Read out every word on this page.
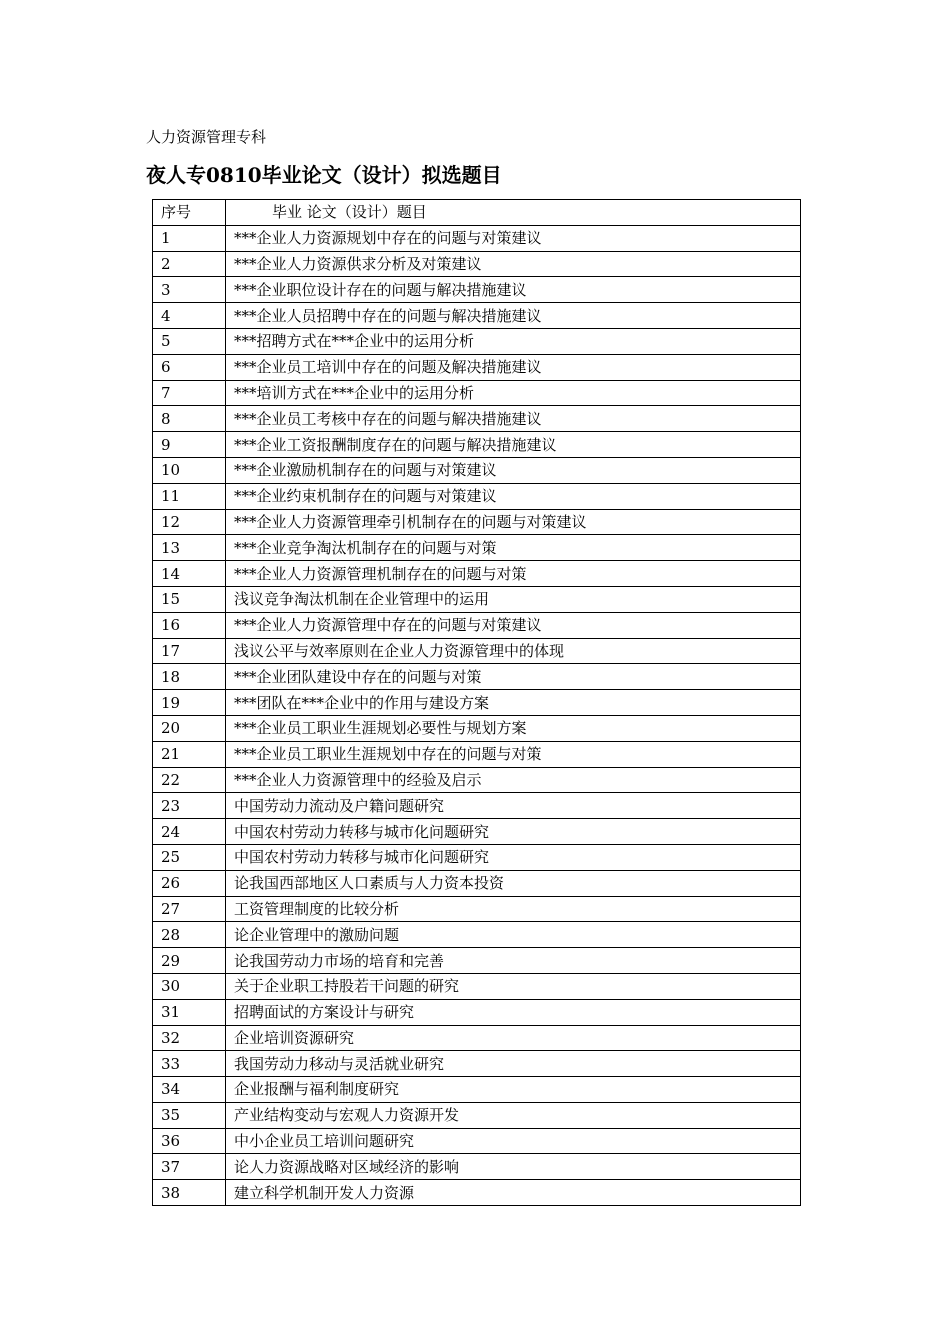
人力资源管理专科
夜人专0810毕业论文（设计）拟选题目
序号	毕业 论文（设计）题目
1	***企业人力资源规划中存在的问题与对策建议
2	***企业人力资源供求分析及对策建议
3	***企业职位设计存在的问题与解决措施建议
4	***企业人员招聘中存在的问题与解决措施建议
5	***招聘方式在***企业中的运用分析
6	***企业员工培训中存在的问题及解决措施建议
7	***培训方式在***企业中的运用分析
8	***企业员工考核中存在的问题与解决措施建议
9	***企业工资报酬制度存在的问题与解决措施建议
10	***企业激励机制存在的问题与对策建议
11	***企业约束机制存在的问题与对策建议
12	***企业人力资源管理牵引机制存在的问题与对策建议
13	***企业竞争淘汰机制存在的问题与对策
14	***企业人力资源管理机制存在的问题与对策
15	浅议竞争淘汰机制在企业管理中的运用
16	***企业人力资源管理中存在的问题与对策建议
17	浅议公平与效率原则在企业人力资源管理中的体现
18	***企业团队建设中存在的问题与对策
19	***团队在***企业中的作用与建设方案
20	***企业员工职业生涯规划必要性与规划方案
21	***企业员工职业生涯规划中存在的问题与对策
22	***企业人力资源管理中的经验及启示
23	中国劳动力流动及户籍问题研究
24	中国农村劳动力转移与城市化问题研究
25	中国农村劳动力转移与城市化问题研究
26	论我国西部地区人口素质与人力资本投资
27	工资管理制度的比较分析
28	论企业管理中的激励问题
29	论我国劳动力市场的培育和完善
30	关于企业职工持股若干问题的研究
31	招聘面试的方案设计与研究
32	企业培训资源研究
33	我国劳动力移动与灵活就业研究
34	企业报酬与福利制度研究
35	产业结构变动与宏观人力资源开发
36	中小企业员工培训问题研究
37	论人力资源战略对区域经济的影响
38	建立科学机制开发人力资源
